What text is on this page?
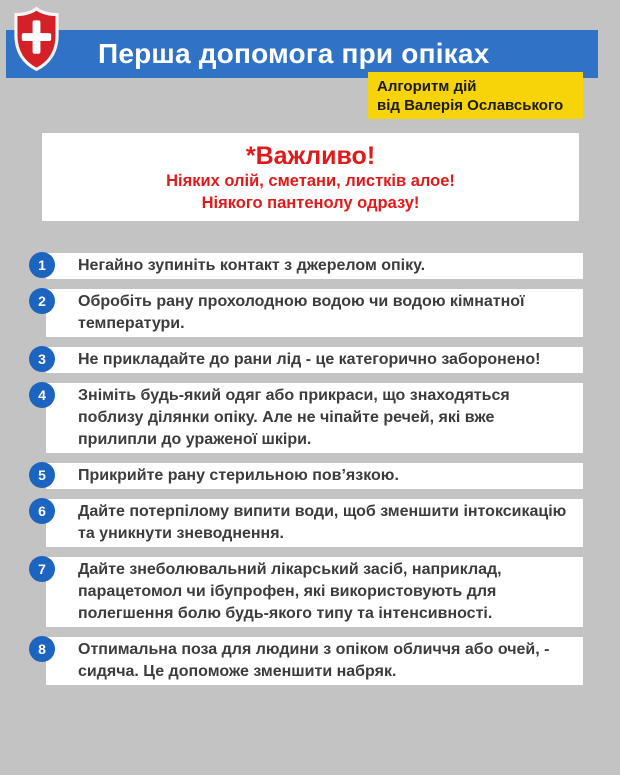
Перша допомога при опіках
Алгоритм дій
від Валерія Ославського
*Важливо!
Ніяких олій, сметани, листків алое!
Ніякого пантенолу одразу!
1 Негайно зупиніть контакт з джерелом опіку.
2 Обробіть рану прохолодною водою чи водою кімнатної температури.
3 Не прикладайте до рани лід - це категорично заборонено!
4 Зніміть будь-який одяг або прикраси, що знаходяться поблизу ділянки опіку. Але не чіпайте речей, які вже прилипли до ураженої шкіри.
5 Прикрийте рану стерильною пов’язкою.
6 Дайте потерпілому випити води, щоб зменшити інтоксикацію та уникнути зневоднення.
7 Дайте знеболювальний лікарський засіб, наприклад, парацетомол чи ібупрофен, які використовують для полегшення болю будь-якого типу та інтенсивності.
8 Отпимальна поза для людини з опіком обличчя або очей, - сидяча. Це допоможе зменшити набряк.
